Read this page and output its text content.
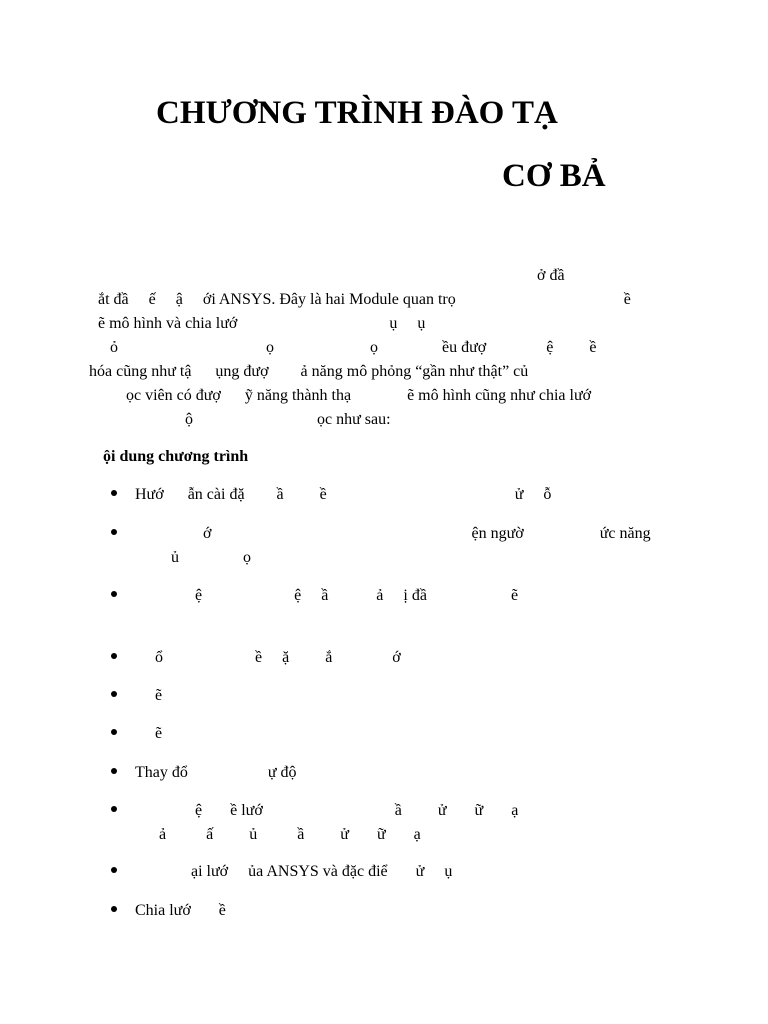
CHƯƠNG TRÌNH ĐÀO TẠ
CƠ BẢ
ở đầ
ắt đầ     ế     ậ     ới ANSYS. Đây là hai Module quan trọ                                          ề
ẽ mô hình và chia lướ                                      ụ     ụ
ỏ                                     ọ                        ọ                ều đượ               ệ         ề
hóa cũng như tậ      ụng đượ        ả năng mô phỏng “gần như thật” củ
ọc viên có đượ      ỹ năng thành thạ              ẽ mô hình cũng như chia lướ
ộ                               ọc như sau:
ội dung chương trình
Hướ      ẫn cài đặ        ầ         ề                                               ử     ỗ
ớ                                                                 ện ngườ                   ức năng
ủ                ọ
ệ                       ệ     ầ            ả     ị đầ                     ẽ
ổ                       ề     ặ         ắ               ớ
ẽ
ẽ
Thay đổ                    ự độ
ệ       ề lướ                                 ầ         ử       ữ       ạ
ả          ấ         ủ          ầ         ử       ữ       ạ
ại lướ     ủa ANSYS và đặc điể       ử     ụ
Chia lướ       ề
